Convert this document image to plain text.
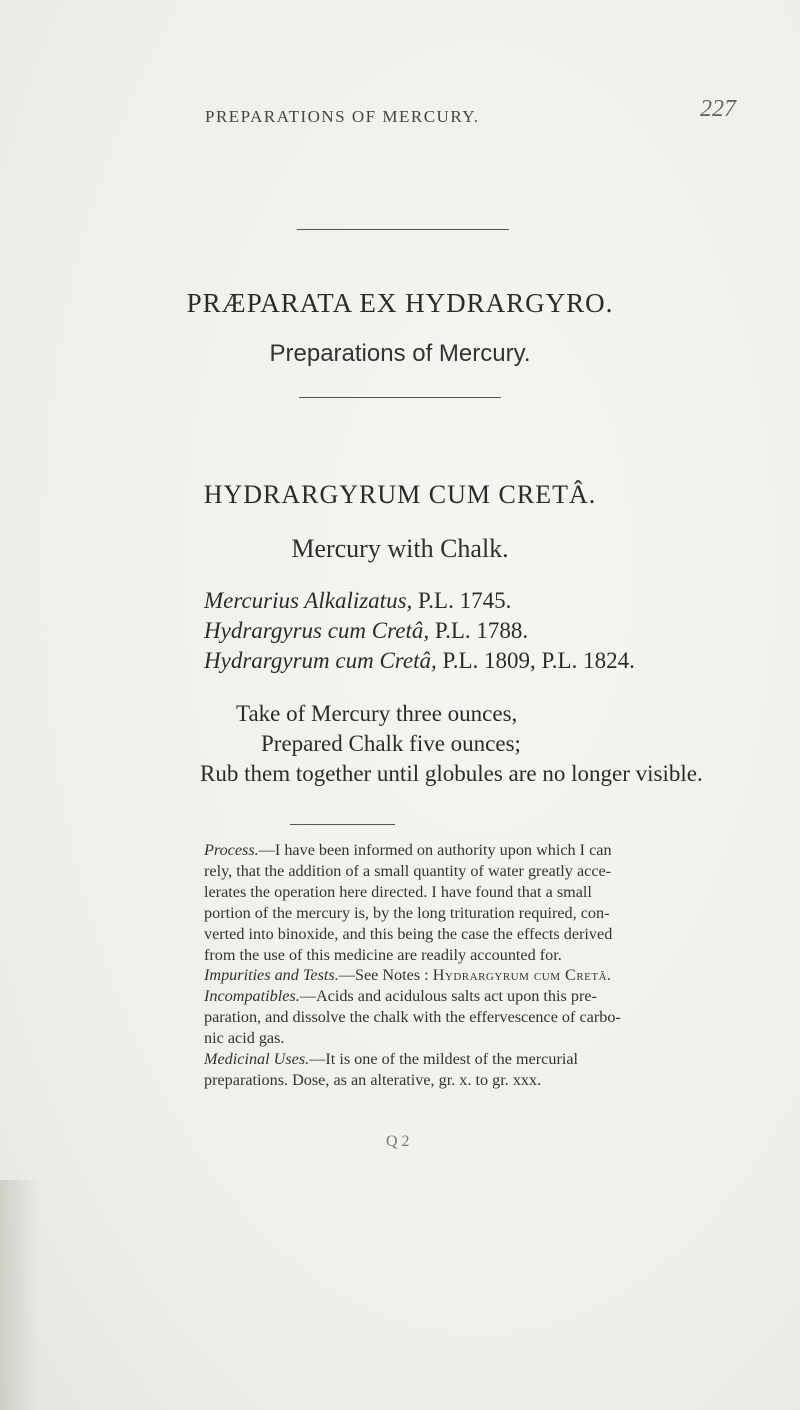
PREPARATIONS OF MERCURY.	227
PRÆPARATA EX HYDRARGYRO.
Preparations of Mercury.
HYDRARGYRUM CUM CRETÂ.
Mercury with Chalk.
Mercurius Alkalizatus, P.L. 1745.
Hydrargyrus cum Cretâ, P.L. 1788.
Hydrargyrum cum Cretâ, P.L. 1809, P.L. 1824.
Take of Mercury three ounces,
Prepared Chalk five ounces;
Rub them together until globules are no longer visible.
Process.—I have been informed on authority upon which I can
rely, that the addition of a small quantity of water greatly acce-
lerates the operation here directed. I have found that a small
portion of the mercury is, by the long trituration required, con-
verted into binoxide, and this being the case the effects derived
from the use of this medicine are readily accounted for.
Impurities and Tests.—See Notes : Hydrargyrum cum Cretâ.
Incompatibles.—Acids and acidulous salts act upon this pre-
paration, and dissolve the chalk with the effervescence of carbo-
nic acid gas.
Medicinal Uses.—It is one of the mildest of the mercurial
preparations. Dose, as an alterative, gr. x. to gr. xxx.
Q 2
